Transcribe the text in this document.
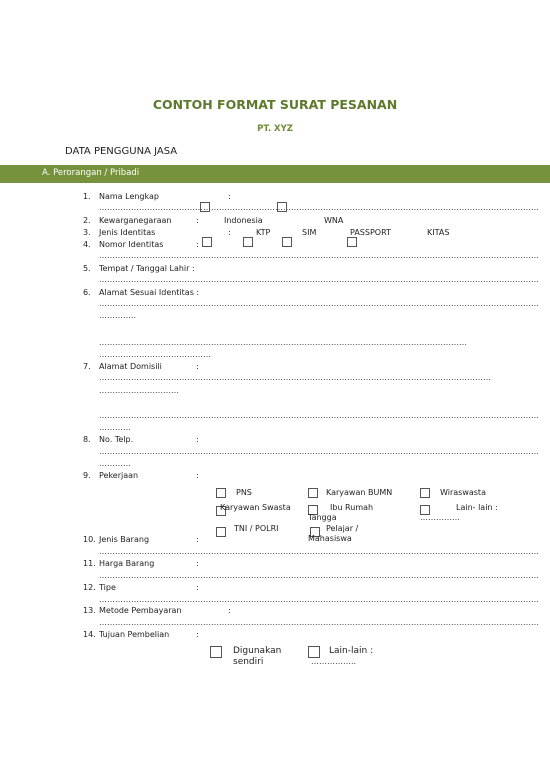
CONTOH FORMAT SURAT PESANAN
PT. XYZ
DATA PENGGUNA JASA
A. Perorangan / Pribadi
1. Nama Lengkap	:
…………………………………………………………………………………………………………………………………………………
2. Kewarganegaraan	:	Indonesia	WNA
3. Jenis Identitas	:	KTP	SIM	PASSPORT	KITAS
4. Nomor Identitas	:
…………………………………………………………………………………………………………………………………………………
5. Tempat / Tanggal Lahir :
…………………………………………………………………………………………………………………………………………………
6. Alamat Sesuai Identitas :
…………………………………………………………………………………………………………………………………………………
…………..
…………………………………………………………………………………………………………………………
……………………………………
7. Alamat Domisili	:
…………………………………………………………………………………………………………………………………
…………………………
…………………………………………………………………………………………………………………………………………………
…………
8. No. Telp.	:
…………………………………………………………………………………………………………………………………………………
…………
9. Pekerjaan	:
PNS	Karyawan BUMN	Wiraswasta
Karyawan Swasta	Ibu Rumah
Tangga
Lain- lain :
……………
TNI / POLRI	Pelajar /
Mahasiswa
10. Jenis Barang	:
…………………………………………………………………………………………………………………………………………………
11. Harga Barang	:
…………………………………………………………………………………………………………………………………………………
12. Tipe	:
…………………………………………………………………………………………………………………………………………………
13. Metode Pembayaran	:
…………………………………………………………………………………………………………………………………………………
14. Tujuan Pembelian	:
Digunakan
sendiri
Lain-lain :
……………..
